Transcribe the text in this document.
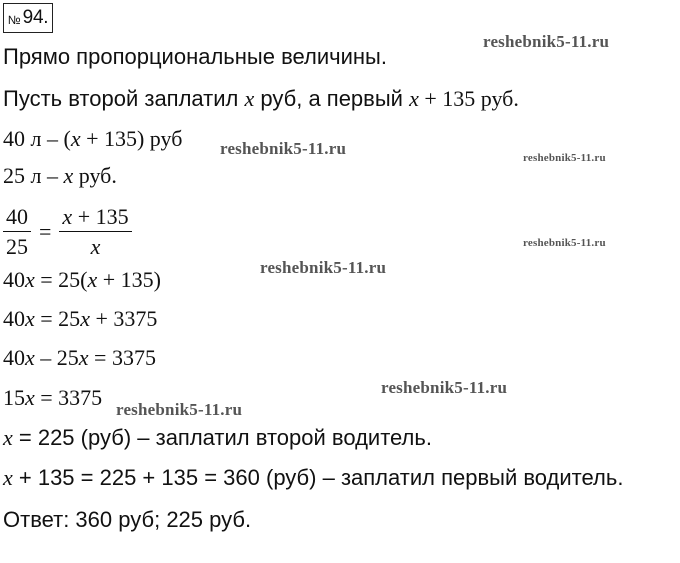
№ 94.
Прямо пропорциональные величины.
Пусть второй заплатил x руб, а первый x + 135 руб.
40 л – (x + 135) руб
25 л – x руб.
$\frac{40}{25} = \frac{x + 135}{x}$
40x = 25(x + 135)
40x = 25x + 3375
40x – 25x = 3375
15x = 3375
x = 225 (руб) – заплатил второй водитель.
x + 135 = 225 + 135 = 360 (руб) – заплатил первый водитель.
Ответ: 360 руб; 225 руб.
reshebnik5-11.ru
reshebnik5-11.ru	reshebnik5-11.ru
reshebnik5-11.ru
reshebnik5-11.ru
reshebnik5-11.ru
reshebnik5-11.ru
